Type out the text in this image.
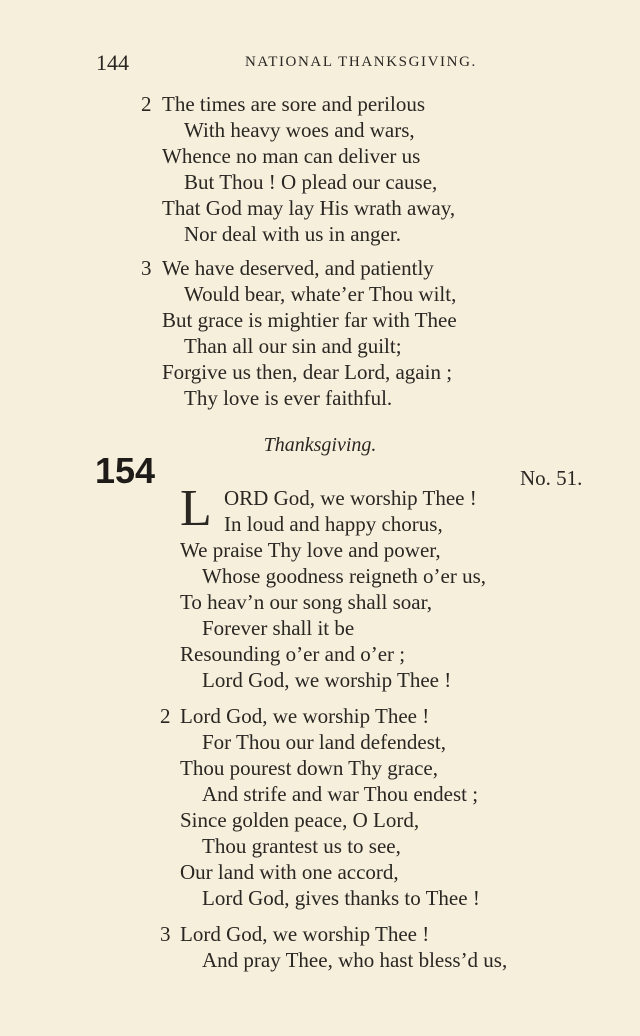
144	NATIONAL THANKSGIVING.
2 The times are sore and perilous
With heavy woes and wars,
Whence no man can deliver us
But Thou ! O plead our cause,
That God may lay His wrath away,
Nor deal with us in anger.
3 We have deserved, and patiently
Would bear, whate’er Thou wilt,
But grace is mightier far with Thee
Than all our sin and guilt;
Forgive us then, dear Lord, again ;
Thy love is ever faithful.
Thanksgiving.
154	No. 51.
L ORD God, we worship Thee !
In loud and happy chorus,
We praise Thy love and power,
Whose goodness reigneth o’er us,
To heav’n our song shall soar,
Forever shall it be
Resounding o’er and o’er ;
Lord God, we worship Thee !
2 Lord God, we worship Thee !
For Thou our land defendest,
Thou pourest down Thy grace,
And strife and war Thou endest ;
Since golden peace, O Lord,
Thou grantest us to see,
Our land with one accord,
Lord God, gives thanks to Thee !
3 Lord God, we worship Thee !
And pray Thee, who hast bless’d us,
